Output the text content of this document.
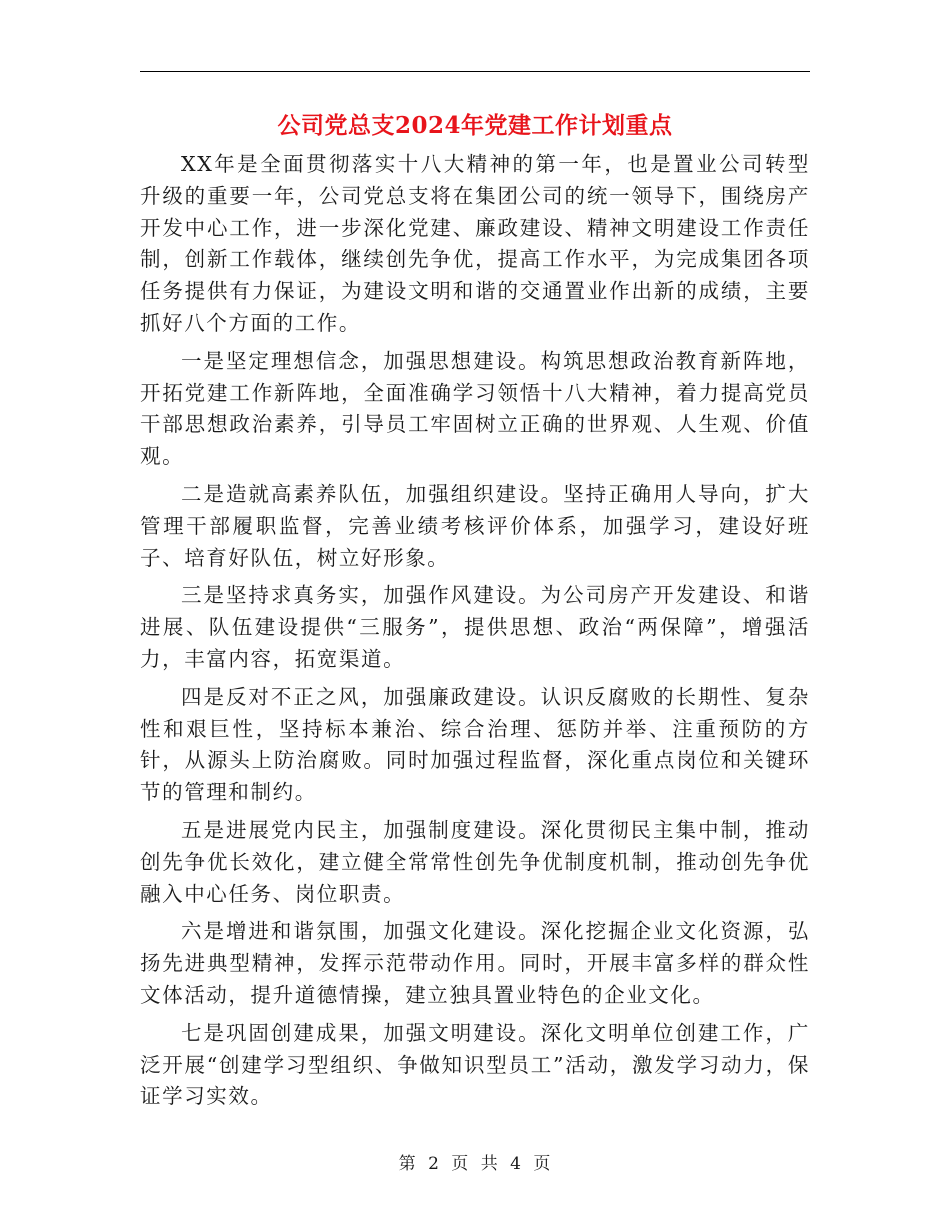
公司党总支2024年党建工作计划重点

XX年是全面贯彻落实十八大精神的第一年，也是置业公司转型升级的重要一年，公司党总支将在集团公司的统一领导下，围绕房产开发中心工作，进一步深化党建、廉政建设、精神文明建设工作责任制，创新工作载体，继续创先争优，提高工作水平，为完成集团各项任务提供有力保证，为建设文明和谐的交通置业作出新的成绩，主要抓好八个方面的工作。

一是坚定理想信念，加强思想建设。构筑思想政治教育新阵地，开拓党建工作新阵地，全面准确学习领悟十八大精神，着力提高党员干部思想政治素养，引导员工牢固树立正确的世界观、人生观、价值观。

二是造就高素养队伍，加强组织建设。坚持正确用人导向，扩大管理干部履职监督，完善业绩考核评价体系，加强学习，建设好班子、培育好队伍，树立好形象。

三是坚持求真务实，加强作风建设。为公司房产开发建设、和谐进展、队伍建设提供“三服务”，提供思想、政治“两保障”，增强活力，丰富内容，拓宽渠道。

四是反对不正之风，加强廉政建设。认识反腐败的长期性、复杂性和艰巨性，坚持标本兼治、综合治理、惩防并举、注重预防的方针，从源头上防治腐败。同时加强过程监督，深化重点岗位和关键环节的管理和制约。

五是进展党内民主，加强制度建设。深化贯彻民主集中制，推动创先争优长效化，建立健全常常性创先争优制度机制，推动创先争优融入中心任务、岗位职责。

六是增进和谐氛围，加强文化建设。深化挖掘企业文化资源，弘扬先进典型精神，发挥示范带动作用。同时，开展丰富多样的群众性文体活动，提升道德情操，建立独具置业特色的企业文化。

七是巩固创建成果，加强文明建设。深化文明单位创建工作，广泛开展“创建学习型组织、争做知识型员工”活动，激发学习动力，保证学习实效。

第 2 页 共 4 页
